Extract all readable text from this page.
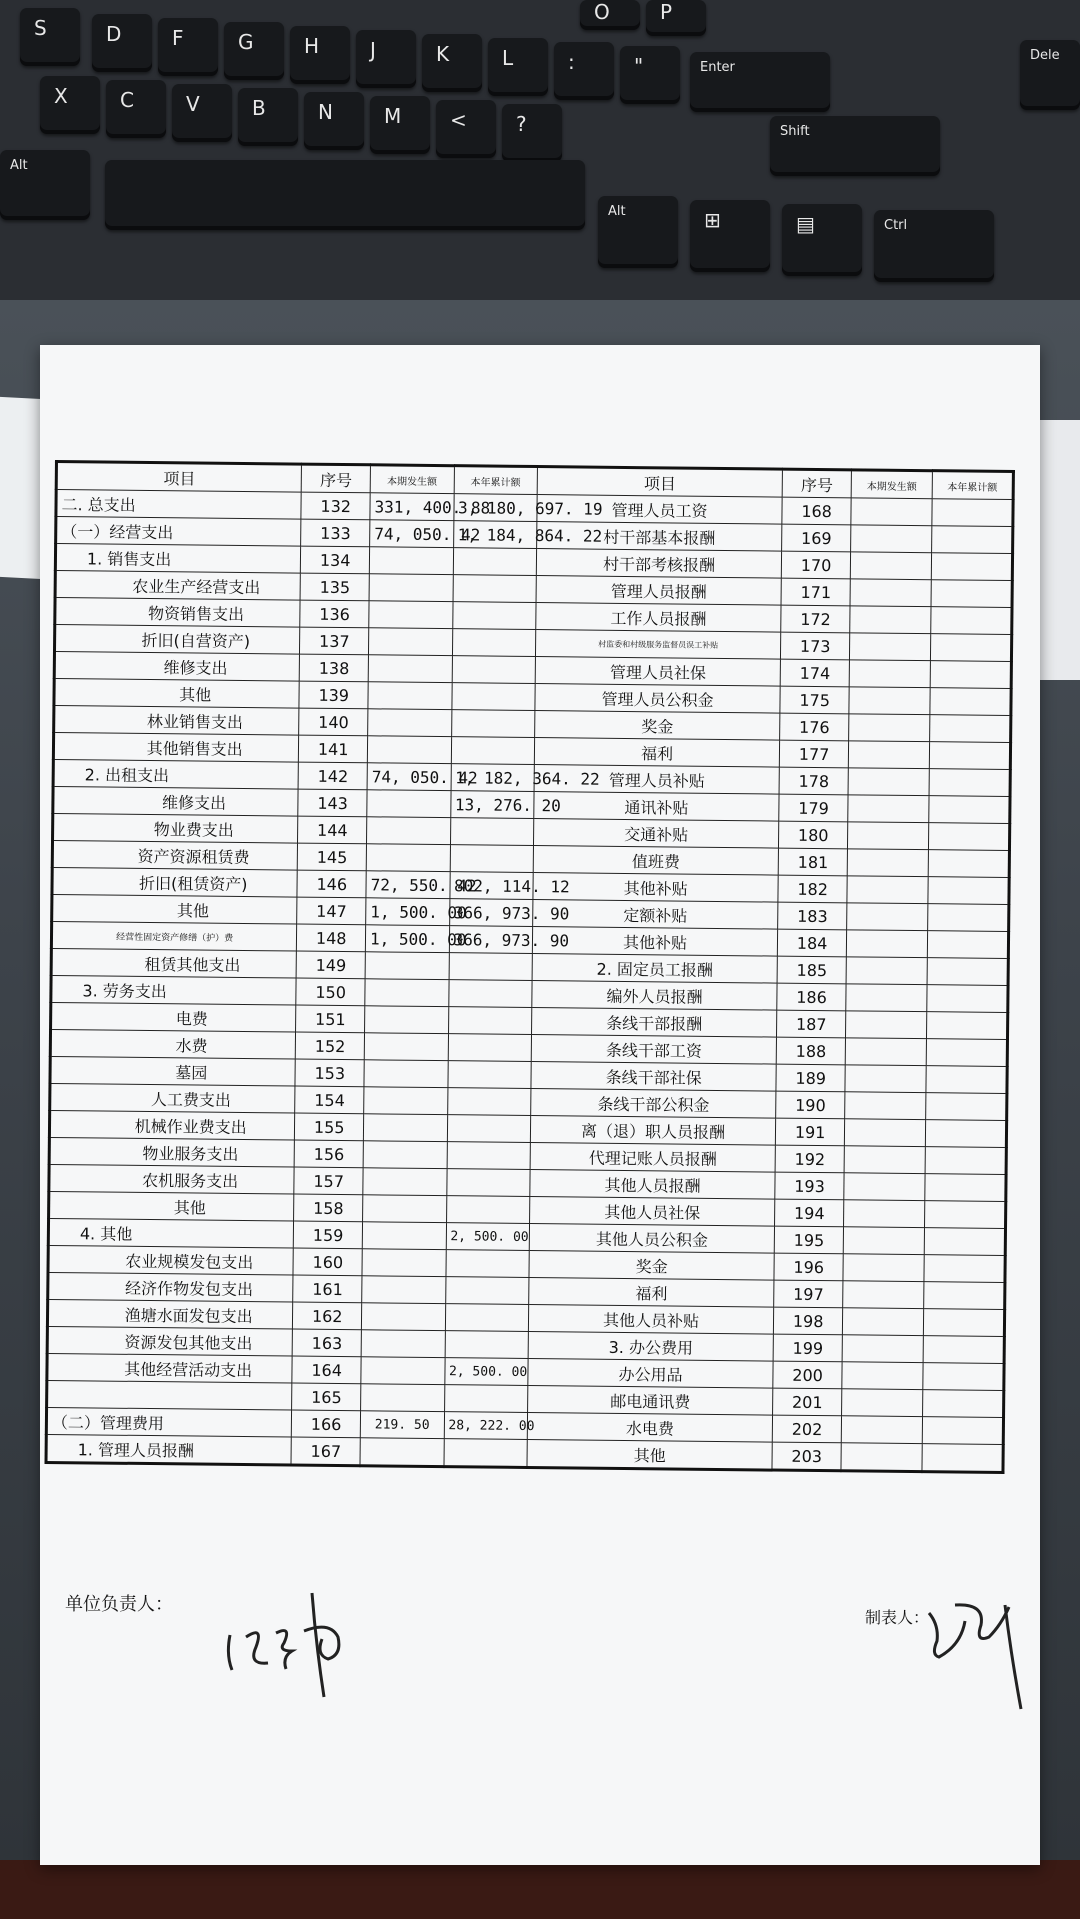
S	D	F	G	H	J	K	L	:	"	Enter
X	C	V	B	N	M	<	?	Shift
Alt
Alt	⊞	▤	Ctrl
O	P
Dele
项目	序号	本期发生额	本年累计额	项目	序号	本期发生额	本年累计额
二. 总支出	132	331, 400. 88	3, 180, 697. 19	管理人员工资	168		
（一）经营支出	133	74, 050. 42	1, 184, 864. 22	村干部基本报酬	169		
1. 销售支出	134			村干部考核报酬	170		
农业生产经营支出	135			管理人员报酬	171		
物资销售支出	136			工作人员报酬	172		
折旧(自营资产)	137			村监委和村级服务监督员误工补贴	173		
维修支出	138			管理人员社保	174		
其他	139			管理人员公积金	175		
林业销售支出	140			奖金	176		
其他销售支出	141			福利	177		
2. 出租支出	142	74, 050. 42	1, 182, 364. 22	管理人员补贴	178		
维修支出	143		13, 276. 20	通讯补贴	179		
物业费支出	144			交通补贴	180		
资产资源租赁费	145			值班费	181		
折旧(租赁资产)	146	72, 550. 42	802, 114. 12	其他补贴	182		
其他	147	1, 500. 00	366, 973. 90	定额补贴	183		
经营性固定资产修缮（护）费	148	1, 500. 00	366, 973. 90	其他补贴	184		
租赁其他支出	149			2. 固定员工报酬	185		
3. 劳务支出	150			编外人员报酬	186		
电费	151			条线干部报酬	187		
水费	152			条线干部工资	188		
墓园	153			条线干部社保	189		
人工费支出	154			条线干部公积金	190		
机械作业费支出	155			离（退）职人员报酬	191		
物业服务支出	156			代理记账人员报酬	192		
农机服务支出	157			其他人员报酬	193		
其他	158			其他人员社保	194		
4. 其他	159		2, 500. 00	其他人员公积金	195		
农业规模发包支出	160			奖金	196		
经济作物发包支出	161			福利	197		
渔塘水面发包支出	162			其他人员补贴	198		
资源发包其他支出	163			3. 办公费用	199		
其他经营活动支出	164		2, 500. 00	办公用品	200		
	165			邮电通讯费	201		
（二）管理费用	166	219. 50	28, 222. 00	水电费	202		
1. 管理人员报酬	167			其他	203		
单位负责人：
制表人：
